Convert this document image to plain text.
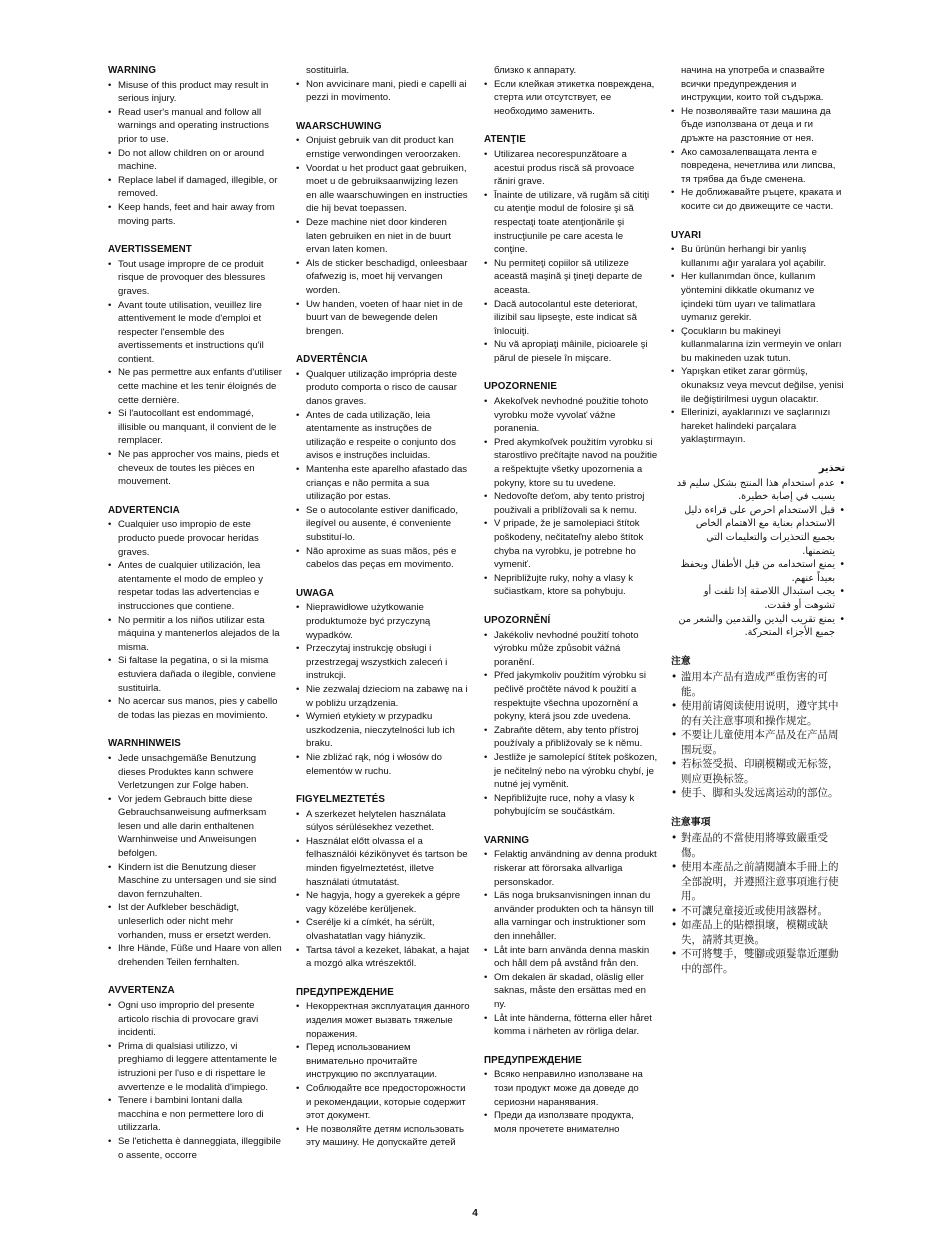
WARNING
• Misuse of this product may result in serious injury.
• Read user's manual and follow all warnings and operating instructions prior to use.
• Do not allow children on or around machine.
• Replace label if damaged, illegible, or removed.
• Keep hands, feet and hair away from moving parts.
AVERTISSEMENT
• Tout usage impropre de ce produit risque de provoquer des blessures graves.
• Avant toute utilisation, veuillez lire attentivement le mode d'emploi et respecter l'ensemble des avertissements et instructions qu'il contient.
• Ne pas permettre aux enfants d'utiliser cette machine et les tenir éloignés de cette dernière.
• Si l'autocollant est endommagé, illisible ou manquant, il convient de le remplacer.
• Ne pas approcher vos mains, pieds et cheveux de toutes les pièces en mouvement.
ADVERTENCIA
• Cualquier uso impropio de este producto puede provocar heridas graves.
• Antes de cualquier utilización, lea atentamente el modo de empleo y respetar todas las advertencias e instrucciones que contiene.
• No permitir a los niños utilizar esta máquina y mantenerlos alejados de la misma.
• Si faltase la pegatina, o si la misma estuviera dañada o ilegible, conviene sustituirla.
• No acercar sus manos, pies y cabello de todas las piezas en movimiento.
WARNHINWEIS
• Jede unsachgemäße Benutzung dieses Produktes kann schwere Verletzungen zur Folge haben.
• Vor jedem Gebrauch bitte diese Gebrauchsanweisung aufmerksam lesen und alle darin enthaltenen Warnhinweise und Anweisungen befolgen.
• Kindern ist die Benutzung dieser Maschine zu untersagen und sie sind davon fernzuhalten.
• Ist der Aufkleber beschädigt, unleserlich oder nicht mehr vorhanden, muss er ersetzt werden.
• Ihre Hände, Füße und Haare von allen drehenden Teilen fernhalten.
AVVERTENZA
• Ogni uso improprio del presente articolo rischia di provocare gravi incidenti.
• Prima di qualsiasi utilizzo, vi preghiamo di leggere attentamente le istruzioni per l'uso e di rispettare le avvertenze e le modalità d'impiego.
• Tenere i bambini lontani dalla macchina e non permettere loro di utilizzarla.
• Se l'etichetta è danneggiata, illeggibile o assente, occorre
sostituirla.
• Non avvicinare mani, piedi e capelli ai pezzi in movimento.
WAARSCHUWING
• Onjuist gebruik van dit product kan ernstige verwondingen veroorzaken.
• Voordat u het product gaat gebruiken, moet u de gebruiksaanwijzing lezen en alle waarschuwingen en instructies die hij bevat toepassen.
• Deze machine niet door kinderen laten gebruiken en niet in de buurt ervan laten komen.
• Als de sticker beschadigd, onleesbaar ofafwezig is, moet hij vervangen worden.
• Uw handen, voeten of haar niet in de buurt van de bewegende delen brengen.
ADVERTÊNCIA
• Qualquer utilização imprópria deste produto comporta o risco de causar danos graves.
• Antes de cada utilização, leia atentamente as instruções de utilização e respeite o conjunto dos avisos e instruções incluidas.
• Mantenha este aparelho afastado das crianças e não permita a sua utilização por estas.
• Se o autocolante estiver danificado, ilegível ou ausente, é conveniente substituí-lo.
• Não aproxime as suas mãos, pés e cabelos das peças em movimento.
UWAGA
• Nieprawidłowe użytkowanie produktumoże być przyczyną wypadków.
• Przeczytaj instrukcję obsługi i przestrzegaj wszystkich zaleceń i instrukcji.
• Nie zezwalaj dzieciom na zabawę na i w pobliżu urządzenia.
• Wymień etykiety w przypadku uszkodzenia, nieczytelności lub ich braku.
• Nie zbliżać rąk, nóg i włosów do elementów w ruchu.
FIGYELMEZTETÉS
• A szerkezet helytelen használata súlyos sérülésekhez vezethet.
• Használat előtt olvassa el a felhasználói kézikönyvet és tartson be minden figyelmeztetést, illetve használati útmutatást.
• Ne hagyja, hogy a gyerekek a gépre vagy közelébe kerüljenek.
• Cserélje ki a címkét, ha sérült, olvashatatlan vagy hiányzik.
• Tartsa távol a kezeket, lábakat, a hajat a mozgó alka wtrészektől.
ПРЕДУПРЕЖДЕНИЕ
• Некорректная эксплуатация данного изделия может вызвать тяжелые поражения.
• Перед использованием внимательно прочитайте инструкцию по эксплуатации.
• Соблюдайте все предосторожности и рекомендации, которые содержит этот документ.
• Не позволяйте детям использовать эту машину. Не допускайте детей
близко к аппарату.
• Если клейкая этикетка повреждена, стерта или отсутствует, ее необходимо заменить.
ATENŢIE
• Utilizarea necorespunzătoare a acestui produs riscă să provoace răniri grave.
• Înainte de utilizare, vă rugăm să citiţi cu atenţie modul de folosire şi să respectaţi toate atenţionările şi instrucţiunile pe care acesta le conţine.
• Nu permiteţi copiilor să utilizeze această maşină şi ţineţi departe de aceasta.
• Dacă autocolantul este deteriorat, ilizibil sau lipseşte, este indicat să înlocuiţi.
• Nu vă apropiaţi mâinile, picioarele şi părul de piesele în mişcare.
UPOZORNENIE
• Akekoľvek nevhodné použitie tohoto vyrobku može vyvolať vážne poranenia.
• Pred akymkoľvek použitím vyrobku si starostlivo prečítajte navod na použitie a rešpektujte všetky upozornenia a pokyny, ktore su tu uvedene.
• Nedovoľte deťom, aby tento pristroj použivali a priblížovali sa k nemu.
• V pripade, že je samolepiaci štítok poškodeny, nečitateľny alebo štítok chyba na vyrobku, je potrebne ho vymeniť.
• Nepribližujte ruky, nohy a vlasy k sučiastkam, ktore sa pohybuju.
UPOZORNĚNÍ
• Jakékoliv nevhodné použití tohoto výrobku může způsobit vážná poranění.
• Před jakymkoliv použitím výrobku si pečlivě pročtěte návod k použití a respektujte všechna upozornění a pokyny, která jsou zde uvedena.
• Zabraňte dětem, aby tento přístroj používaly a přibližovaly se k němu.
• Jestliže je samolepící štítek poškozen, je nečitelný nebo na výrobku chybí, je nutné jej vyměnit.
• Nepřibližujte ruce, nohy a vlasy k pohybujícím se součástkám.
VARNING
• Felaktig användning av denna produkt riskerar att förorsaka allvarliga personskador.
• Läs noga bruksanvisningen innan du använder produkten och ta hänsyn till alla varningar och instruktioner som den innehåller.
• Låt inte barn använda denna maskin och håll dem på avstånd från den.
• Om dekalen är skadad, oläslig eller saknas, måste den ersättas med en ny.
• Låt inte händerna, fötterna eller håret komma i närheten av rörliga delar.
ПРЕДУПРЕЖДЕНИЕ
• Всяко неправилно използване на този продукт може да доведе до сериозни наранявания.
• Преди да използвате продукта, моля прочетете внимателно
начина на употреба и спазвайте всички предупреждения и инструкции, които той съдържа.
• Не позволявайте тази машина да бъде използвана от деца и ги дръжте на разстояние от нея.
• Ако самозалепващата лента е повредена, нечетлива или липсва, тя трябва да бъде сменена.
• Не доближавайте ръцете, краката и косите си до движещите се части.
UYARI
• Bu ürünün herhangi bir yanlış kullanımı ağır yaralara yol açabilir.
• Her kullanımdan önce, kullanım yöntemini dikkatle okumanız ve içindeki tüm uyarı ve talimatlara uymanız gerekir.
• Çocukların bu makineyi kullanmalarına izin vermeyin ve onları bu makineden uzak tutun.
• Yapışkan etiket zarar görmüş, okunaksız veya mevcut değilse, yenisi ile değiştirilmesi uygun olacaktır.
• Ellerinizi, ayaklarınızı ve saçlarınızı hareket halindeki parçalara yaklaştırmayın.
تحذير
• عدم استخدام هذا المنتج بشكل سليم قد يسبب في إصابة خطيرة.
• قبل الاستخدام احرص على قراءة دليل الاستخدام بعناية مع الاهتمام الخاص بجميع التحذيرات والتعليمات التي يتضمنها.
• يمنع استخدامه من قبل الأطفال ويحفظ بعيداً عنهم.
• يجب استبدال اللاصقة إذا تلفت أو تشوهت أو فقدت.
• يمنع تقريب اليدين والقدمين والشعر من جميع الأجزاء المتحركة.
注意
• 滥用本产品有造成严重伤害的可能。
• 使用前请阅读使用说明，遵守其中的有关注意事项和操作规定。
• 不要让儿童使用本产品及在产品周围玩耍。
• 若标签受损、印刷模糊或无标签，则应更换标签。
• 使手、脚和头发远离运动的部位。
注意事項
• 對產品的不當使用將導致嚴重受傷。
• 使用本產品之前請閱讀本手冊上的全部說明，并遵照注意事項進行使用。
• 不可讓兒童接近或使用該器材。
• 如產品上的貼標損壞，模糊或缺失，請將其更換。
• 不可將雙手，雙腳或頭髮靠近運動中的部件。
4
